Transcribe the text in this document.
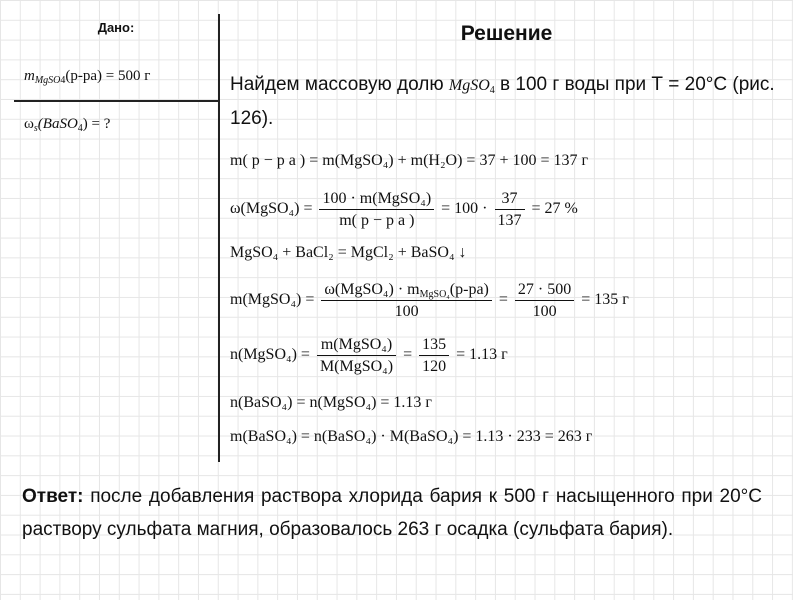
Дано:	Решение
$m_{MgSO4}(р-ра) = 500$ г
$\omega_s(BaSO_4)$ = ?
Найдем массовую долю MgSO$_4$ в 100 г воды при Т = 20°С (рис. 126).
m( р − р а ) = m(MgSO₄) + m(H₂O) = 37 + 100 = 137 г
ω(MgSO₄) = $\frac{\text{100 · m(MgSO₄)}}{\text{m( р − р а )}} = 100 \cdot \frac{37}{137} = 27$ %
MgSO₄ + BaCl₂ = MgCl₂ + BaSO₄ ↓
m(MgSO₄) = $\frac{\omega(MgSO_4) \cdot m_{MgSO_4}(р-ра)}{100} = \frac{27 \cdot 500}{100} = 135$ г
n(MgSO₄) = $\frac{\text{m(MgSO₄)}}{\text{M(MgSO₄)}} = \frac{135}{120} = 1.13$ г
n(BaSO₄) = n(MgSO₄) = 1.13 г
m(BaSO₄) = n(BaSO₄) · M(BaSO₄) = 1.13 · 233 = 263 г
Ответ: после добавления раствора хлорида бария к 500 г насыщенного при 20°С раствору сульфата магния, образовалось 263 г осадка (сульфата бария).
